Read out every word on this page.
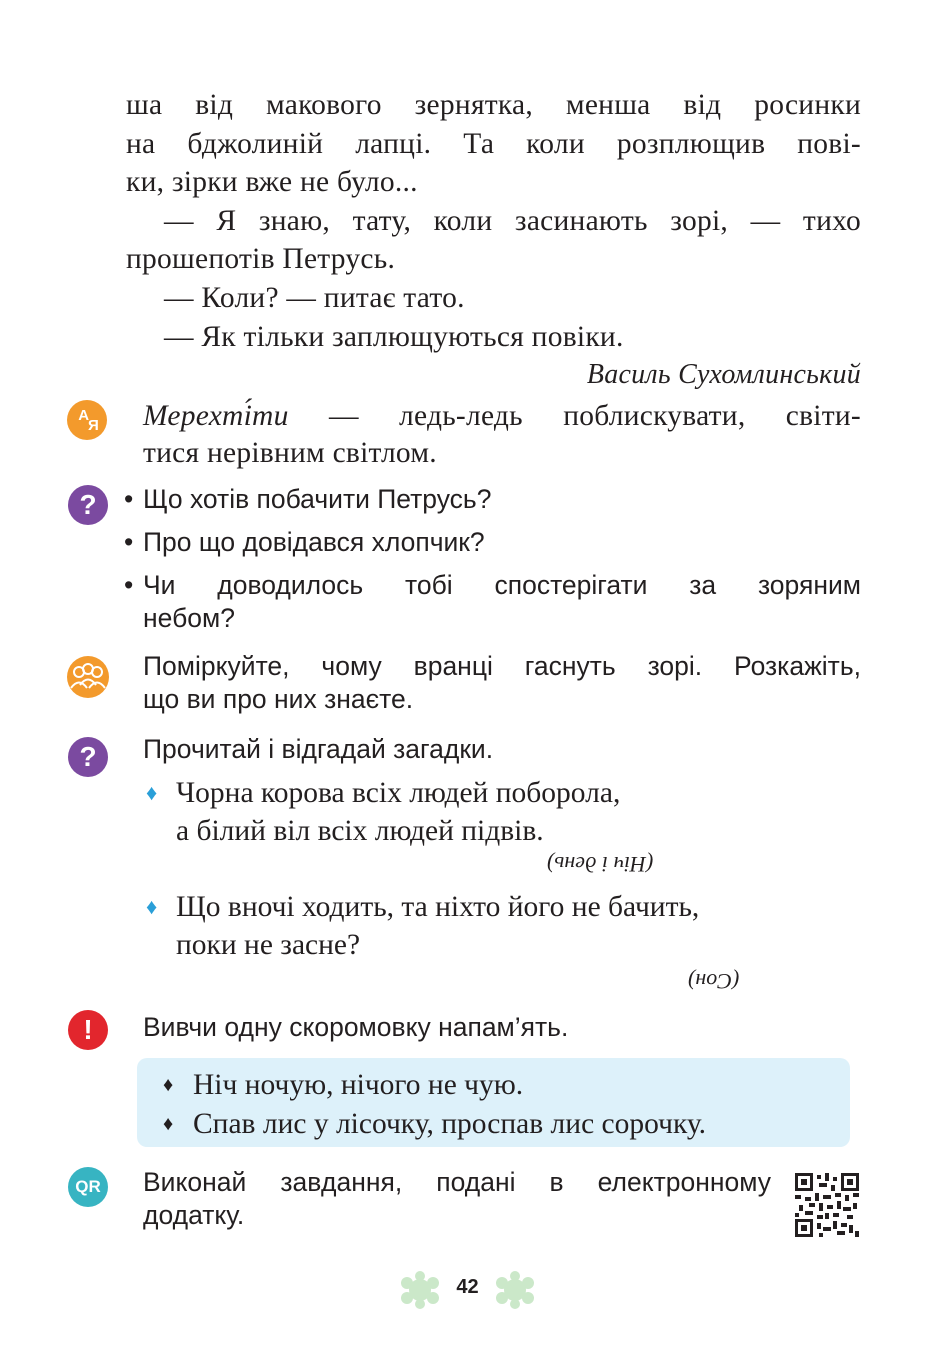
ша від макового зернятка, менша від росинки

на бджолиній лапці. Та коли розплющив пові-

ки, зірки вже не було...

— Я знаю, тату, коли засинають зорі, — тихо

прошепотів Петрусь.

— Коли? — питає тато.

— Як тільки заплющуються повіки.

Василь Сухомлинський

А
Я Мерехті́ти — ледь-ледь поблискувати, світи-
тися нерівним світлом.
?	• Що хотів побачити Петрусь?
• Про що довідався хлопчик?
• Чи доводилось тобі спостерігати за зоряним
небом?
Поміркуйте, чому вранці гаснуть зорі. Розкажіть,
що ви про них знаєте.
?	Прочитай і відгадай загадки.
♦ Чорна корова всіх людей поборола,
а білий віл всіх людей підвів.
(Ніч і день)
♦ Що вночі ходить, та ніхто його не бачить,
поки не засне?
(Сон)
!	Вивчи одну скоромовку напам’ять.
♦ Ніч ночую, нічого не чую.
♦ Спав лис у лісочку, проспав лис сорочку.
QR Виконай завдання, подані в електронному
додатку.
42
